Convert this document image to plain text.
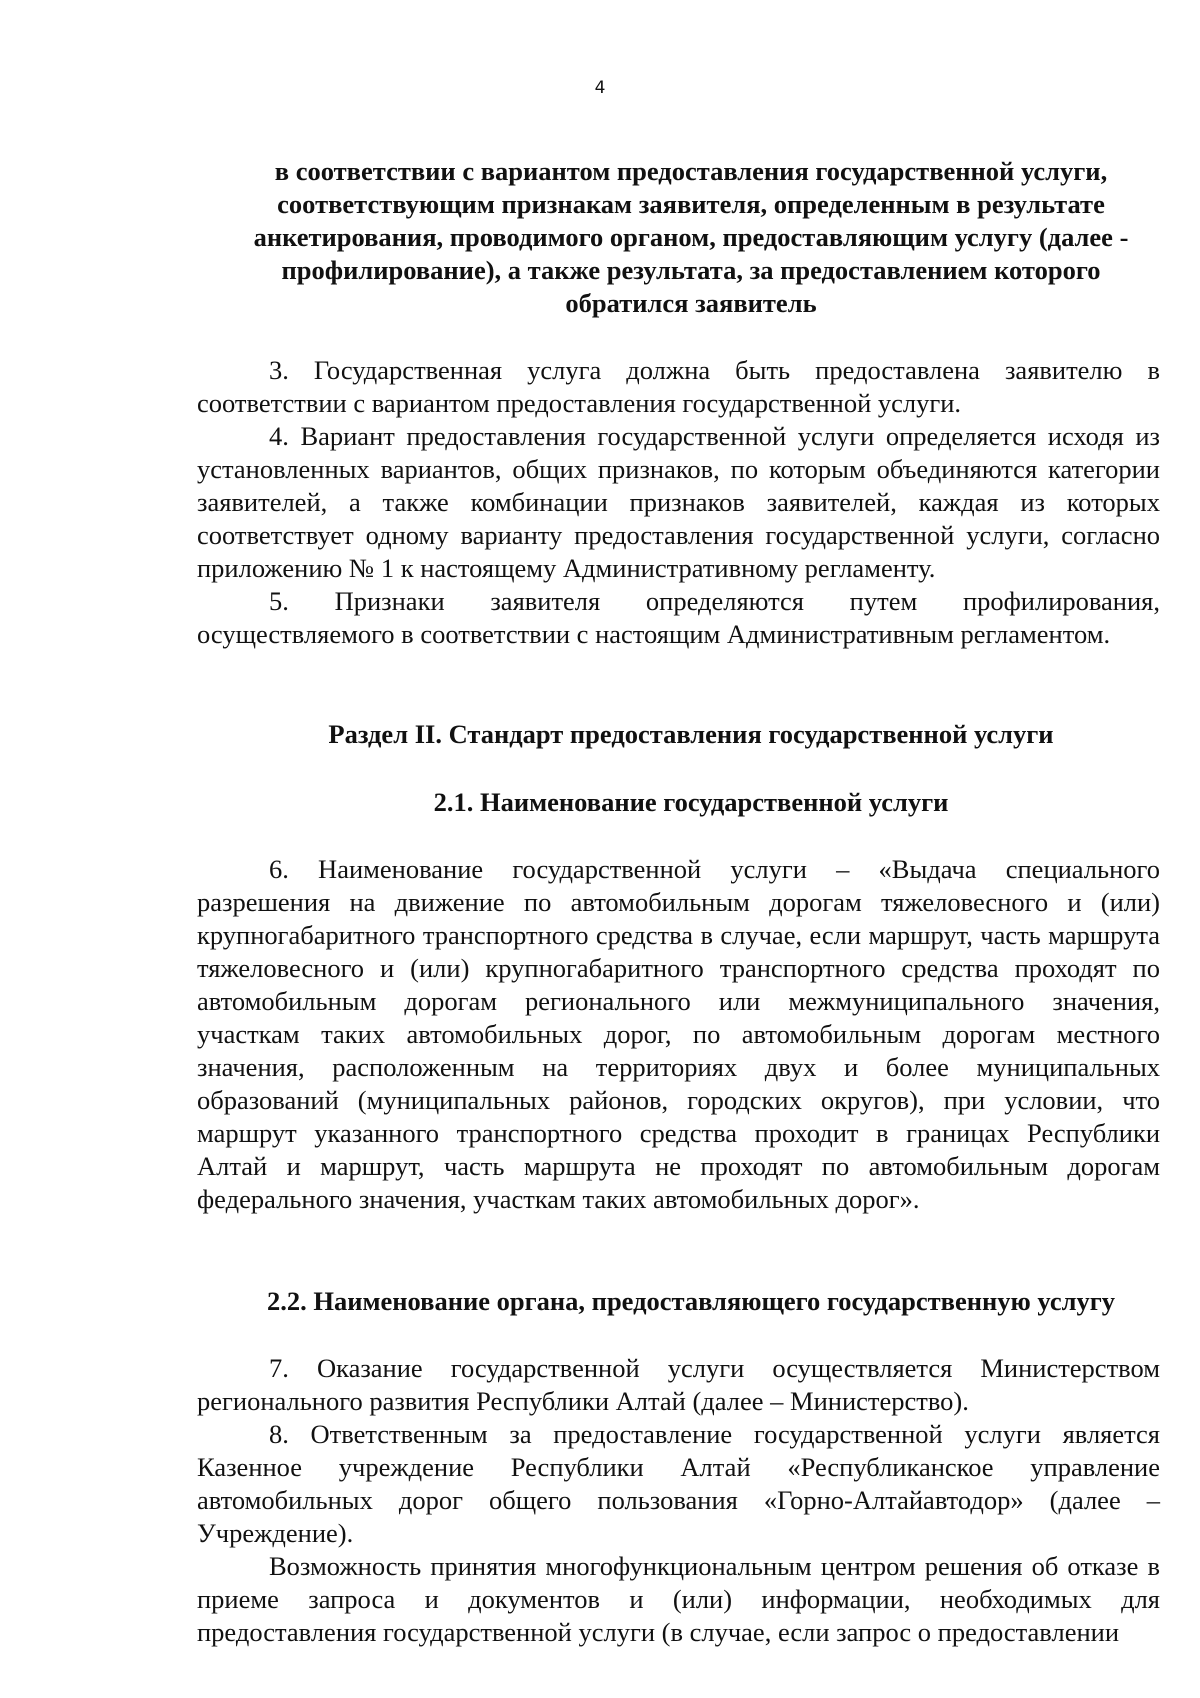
4
в соответствии с вариантом предоставления государственной услуги, соответствующим признакам заявителя, определенным в результате анкетирования, проводимого органом, предоставляющим услугу (далее - профилирование), а также результата, за предоставлением которого обратился заявитель

3. Государственная услуга должна быть предоставлена заявителю в соответствии с вариантом предоставления государственной услуги.

4. Вариант предоставления государственной услуги определяется исходя из установленных вариантов, общих признаков, по которым объединяются категории заявителей, а также комбинации признаков заявителей, каждая из которых соответствует одному варианту предоставления государственной услуги, согласно приложению № 1 к настоящему Административному регламенту.

5. Признаки заявителя определяются путем профилирования, осуществляемого в соответствии с настоящим Административным регламентом.

Раздел II. Стандарт предоставления государственной услуги
2.1. Наименование государственной услуги

6. Наименование государственной услуги – «Выдача специального разрешения на движение по автомобильным дорогам тяжеловесного и (или) крупногабаритного транспортного средства в случае, если маршрут, часть маршрута тяжеловесного и (или) крупногабаритного транспортного средства проходят по автомобильным дорогам регионального или межмуниципального значения, участкам таких автомобильных дорог, по автомобильным дорогам местного значения, расположенным на территориях двух и более муниципальных образований (муниципальных районов, городских округов), при условии, что маршрут указанного транспортного средства проходит в границах Республики Алтай и маршрут, часть маршрута не проходят по автомобильным дорогам федерального значения, участкам таких автомобильных дорог».

2.2. Наименование органа, предоставляющего государственную услугу

7. Оказание государственной услуги осуществляется Министерством регионального развития Республики Алтай (далее – Министерство).

8. Ответственным за предоставление государственной услуги является Казенное учреждение Республики Алтай «Республиканское управление автомобильных дорог общего пользования «Горно-Алтайавтодор» (далее – Учреждение).

Возможность принятия многофункциональным центром решения об отказе в приеме запроса и документов и (или) информации, необходимых для предоставления государственной услуги (в случае, если запрос о предоставлении
